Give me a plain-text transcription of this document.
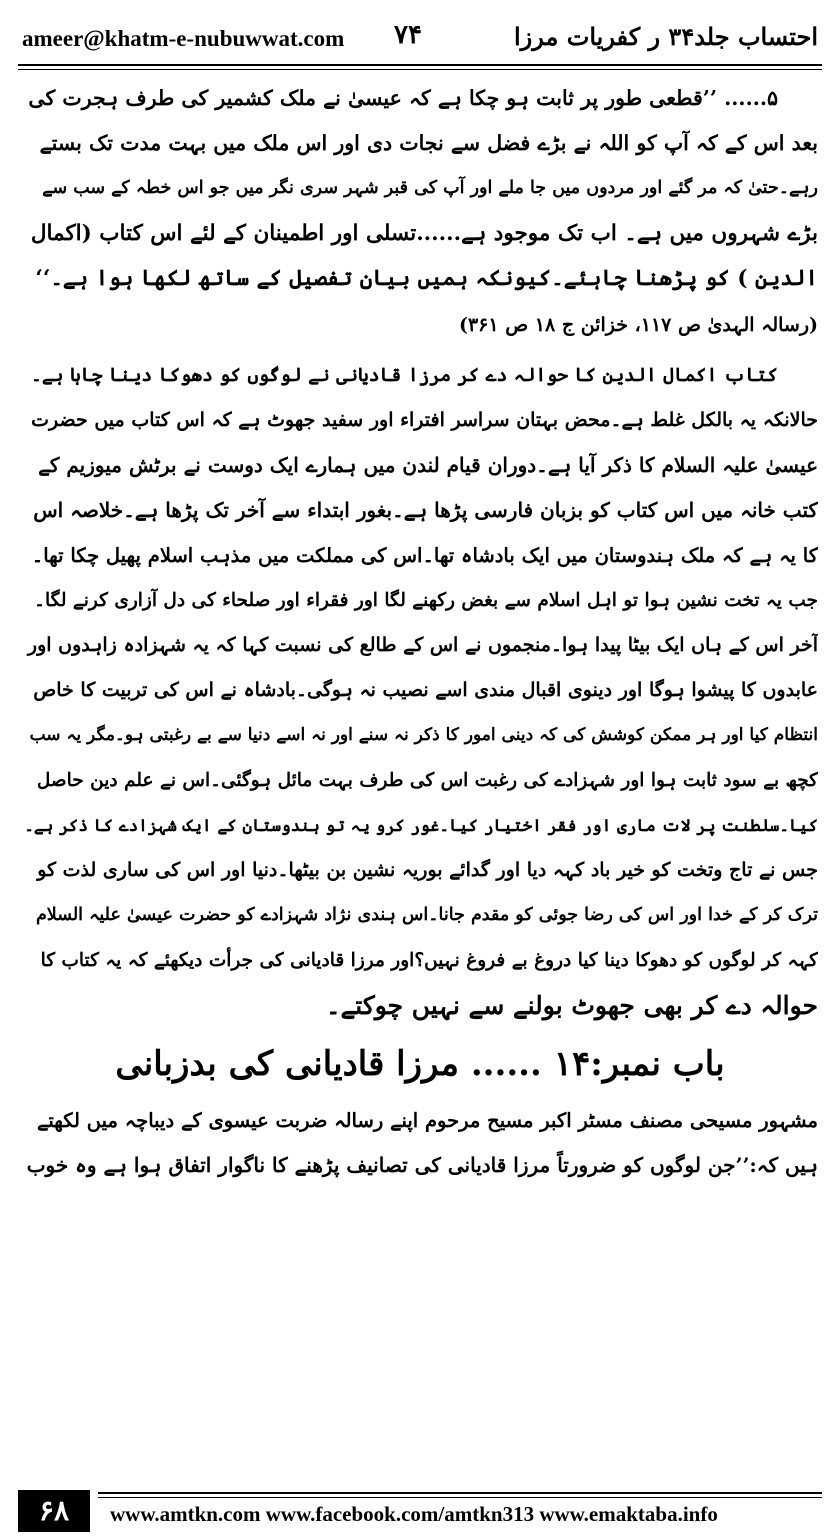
ameer@khatm-e-nubuwwat.com ۷۴	احتساب جلد۳۴ ر کفریات مرزا
۵...... ’’قطعی طور پر ثابت ہو چکا ہے کہ عیسیٰ نے ملک کشمیر کی طرف ہجرت کی
بعد اس کے کہ آپ کو اللہ نے بڑے فضل سے نجات دی اور اس ملک میں بہت مدت تک بستے
رہے۔حتیٰ کہ مر گئے اور مردوں میں جا ملے اور آپ کی قبر شہر سری نگر میں جو اس خطہ کے سب سے
بڑے شہروں میں ہے۔ اب تک موجود ہے......تسلی اور اطمینان کے لئے اس کتاب (اکمال
الدین ) کو پڑھنا چاہئے۔کیونکہ ہمیں بیان تفصیل کے ساتھ لکھا ہوا ہے۔‘‘
(رسالہ الہدیٰ ص ۱۱۷، خزائن ج ۱۸ ص ۳۶۱)
کتاب اکمال الدین کا حوالہ دے کر مرزا قادیانی نے لوگوں کو دھوکا دینا چاہا ہے۔
حالانکہ یہ بالکل غلط ہے۔محض بہتان سراسر افتراء اور سفید جھوٹ ہے کہ اس کتاب میں حضرت
عیسیٰ علیہ السلام کا ذکر آیا ہے۔دوران قیام لندن میں ہمارے ایک دوست نے برٹش میوزیم کے
کتب خانہ میں اس کتاب کو بزبان فارسی پڑھا ہے۔بغور ابتداء سے آخر تک پڑھا ہے۔خلاصہ اس
کا یہ ہے کہ ملک ہندوستان میں ایک بادشاہ تھا۔اس کی مملکت میں مذہب اسلام پھیل چکا تھا۔
جب یہ تخت نشین ہوا تو اہل اسلام سے بغض رکھنے لگا اور فقراء اور صلحاء کی دل آزاری کرنے لگا۔
آخر اس کے ہاں ایک بیٹا پیدا ہوا۔منجموں نے اس کے طالع کی نسبت کہا کہ یہ شہزادہ زاہدوں اور
عابدوں کا پیشوا ہوگا اور دینوی اقبال مندی اسے نصیب نہ ہوگی۔بادشاہ نے اس کی تربیت کا خاص
انتظام کیا اور ہر ممکن کوشش کی کہ دینی امور کا ذکر نہ سنے اور نہ اسے دنیا سے بے رغبتی ہو۔مگر یہ سب
کچھ بے سود ثابت ہوا اور شہزادے کی رغبت اس کی طرف بہت مائل ہوگئی۔اس نے علم دین حاصل
کیا۔سلطنت پر لات ماری اور فقر اختیار کیا۔غور کرو یہ تو ہندوستان کے ایک شہزادے کا ذکر ہے۔
جس نے تاج وتخت کو خیر باد کہہ دیا اور گدائے بوریہ نشین بن بیٹھا۔دنیا اور اس کی ساری لذت کو
ترک کر کے خدا اور اس کی رضا جوئی کو مقدم جانا۔اس ہندی نژاد شہزادے کو حضرت عیسیٰ علیہ السلام
کہہ کر لوگوں کو دھوکا دینا کیا دروغ بے فروغ نہیں؟اور مرزا قادیانی کی جرأت دیکھئے کہ یہ کتاب کا
حوالہ دے کر بھی جھوٹ بولنے سے نہیں چوکتے۔
باب نمبر:۱۴ ...... مرزا قادیانی کی بدزبانی
مشہور مسیحی مصنف مسٹر اکبر مسیح مرحوم اپنے رسالہ ضربت عیسوی کے دیباچہ میں لکھتے
ہیں کہ:’’جن لوگوں کو ضرورتاً مرزا قادیانی کی تصانیف پڑھنے کا ناگوار اتفاق ہوا ہے وہ خوب
۶۸	www.amtkn.com www.facebook.com/amtkn313 www.emaktaba.info
